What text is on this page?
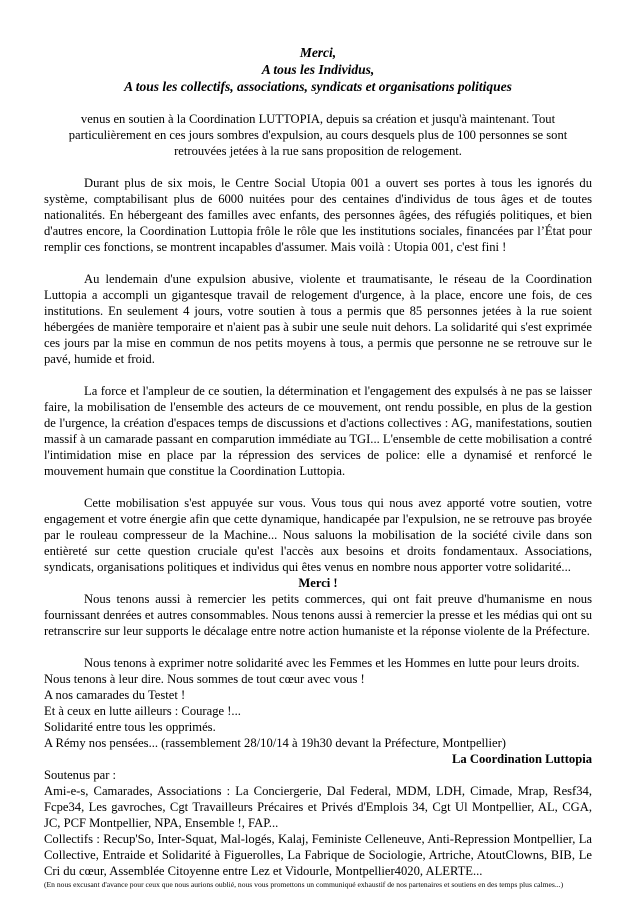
Merci,

A tous les Individus,

A tous les collectifs, associations, syndicats et organisations politiques

venus en soutien à la Coordination LUTTOPIA, depuis sa création et jusqu'à maintenant. Tout particulièrement en ces jours sombres d'expulsion, au cours desquels plus de 100 personnes se sont retrouvées jetées à la rue sans proposition de relogement.

Durant plus de six mois, le Centre Social Utopia 001 a ouvert ses portes à tous les ignorés du système, comptabilisant plus de 6000 nuitées pour des centaines d'individus de tous âges et de toutes nationalités. En hébergeant des familles avec enfants, des personnes âgées, des réfugiés politiques, et bien d'autres encore, la Coordination Luttopia frôle le rôle que les institutions sociales, financées par l’État pour remplir ces fonctions, se montrent incapables d'assumer. Mais voilà : Utopia 001, c'est fini !

Au lendemain d'une expulsion abusive, violente et traumatisante, le réseau de la Coordination Luttopia a accompli un gigantesque travail de relogement d'urgence, à la place, encore une fois, de ces institutions. En seulement 4 jours, votre soutien à tous a permis que 85 personnes jetées à la rue soient hébergées de manière temporaire et n'aient pas à subir une seule nuit dehors. La solidarité qui s'est exprimée ces jours par la mise en commun de nos petits moyens à tous, a permis que personne ne se retrouve sur le pavé, humide et froid.

La force et l'ampleur de ce soutien, la détermination et l'engagement des expulsés à ne pas se laisser faire, la mobilisation de l'ensemble des acteurs de ce mouvement, ont rendu possible, en plus de la gestion de l'urgence, la création d'espaces temps de discussions et d'actions collectives : AG, manifestations, soutien massif à un camarade passant en comparution immédiate au TGI... L'ensemble de cette mobilisation a contré l'intimidation mise en place par la répression des services de police: elle a dynamisé et renforcé le mouvement humain que constitue la Coordination Luttopia.

Cette mobilisation s'est appuyée sur vous. Vous tous qui nous avez apporté votre soutien, votre engagement et votre énergie afin que cette dynamique, handicapée par l'expulsion, ne se retrouve pas broyée par le rouleau compresseur de la Machine... Nous saluons la mobilisation de la société civile dans son entièreté sur cette question cruciale qu'est l'accès aux besoins et droits fondamentaux. Associations, syndicats, organisations politiques et individus qui êtes venus en nombre nous apporter votre solidarité...

Merci !

Nous tenons aussi à remercier les petits commerces, qui ont fait preuve d'humanisme en nous fournissant denrées et autres consommables. Nous tenons aussi à remercier la presse et les médias qui ont su retranscrire sur leur supports le décalage entre notre action humaniste et la réponse violente de la Préfecture.

Nous tenons à exprimer notre solidarité avec les Femmes et les Hommes en lutte pour leurs droits.

Nous tenons à leur dire. Nous sommes de tout cœur avec vous !

A nos camarades du Testet !

Et à ceux en lutte ailleurs : Courage !...

Solidarité entre tous les opprimés.

A Rémy nos pensées... (rassemblement 28/10/14 à 19h30 devant la Préfecture, Montpellier)

La Coordination Luttopia

Soutenus par :

Ami-e-s, Camarades, Associations : La Conciergerie, Dal Federal, MDM, LDH, Cimade, Mrap, Resf34, Fcpe34, Les gavroches, Cgt Travailleurs Précaires et Privés d'Emplois 34, Cgt Ul Montpellier, AL, CGA, JC, PCF Montpellier, NPA, Ensemble !, FAP...

Collectifs : Recup'So, Inter-Squat, Mal-logés, Kalaj, Feministe Celleneuve, Anti-Repression Montpellier, La Collective, Entraide et Solidarité à Figuerolles, La Fabrique de Sociologie, Artriche, AtoutClowns, BIB, Le Cri du cœur, Assemblée Citoyenne entre Lez et Vidourle, Montpellier4020, ALERTE...

(En nous excusant d'avance pour ceux que nous aurions oublié, nous vous promettons un communiqué exhaustif de nos partenaires et soutiens en des temps plus calmes...)
